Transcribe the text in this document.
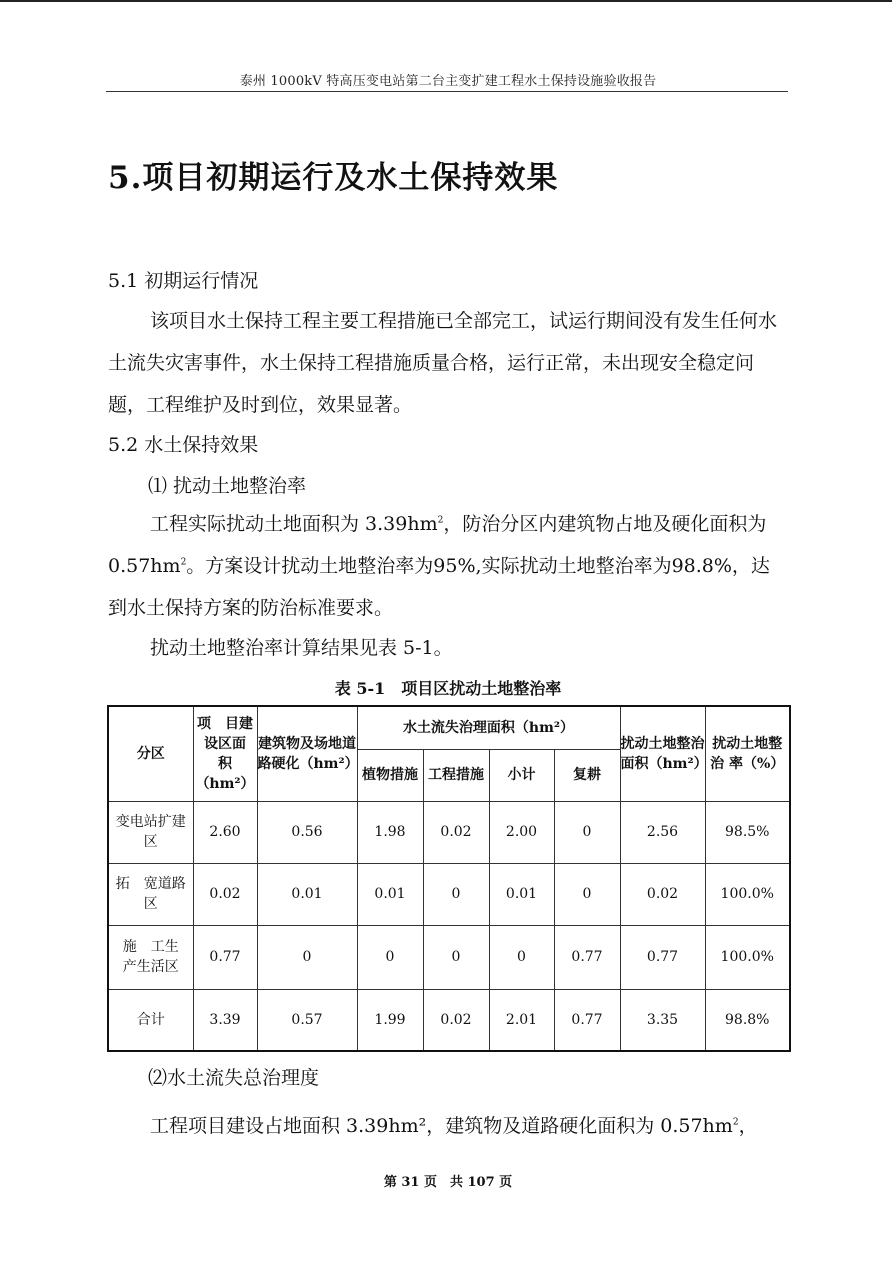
泰州 1000kV 特高压变电站第二台主变扩建工程水土保持设施验收报告
5.项目初期运行及水土保持效果
5.1 初期运行情况
该项目水土保持工程主要工程措施已全部完工，试运行期间没有发生任何水土流失灾害事件，水土保持工程措施质量合格，运行正常，未出现安全稳定问题，工程维护及时到位，效果显著。
5.2 水土保持效果
⑴ 扰动土地整治率
工程实际扰动土地面积为 $3.39hm^2$，防治分区内建筑物占地及硬化面积为$0.57hm^2$。方案设计扰动土地整治率为95%,实际扰动土地整治率为98.8%，达到水土保持方案的防治标准要求。
扰动土地整治率计算结果见表 5-1。
表 5-1　项目区扰动土地整治率
分区	项　目建设区面　积（hm²）	建筑物及场地道路硬化（hm²）	水土流失治理面积（hm²）				扰动土地整治面积（hm²）	扰动土地整 治 率（%）
			植物措施	工程措施	小计	复耕		
变电站扩建区	2.60	0.56	1.98	0.02	2.00	0	2.56	98.5%
拓　宽道路区	0.02	0.01	0.01	0	0.01	0	0.02	100.0%
施　工生　产生活区	0.77	0	0	0	0	0.77	0.77	100.0%
合计	3.39	0.57	1.99	0.02	2.01	0.77	3.35	98.8%
⑵水土流失总治理度
工程项目建设占地面积 3.39hm²，建筑物及道路硬化面积为 $0.57hm^2$，
第 31 页　共 107 页
